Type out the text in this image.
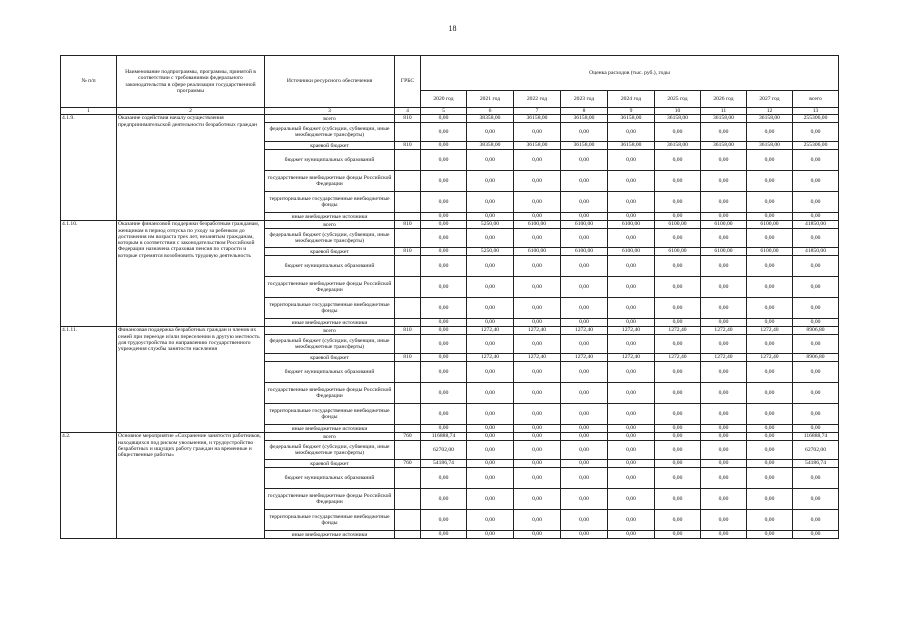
18
№ п/п	Наименование подпрограммы, программы, принятой в соответствии с требованиями федерального законодательства в сфере реализации государственной программы	Источники ресурсного обеспечения	ГРБС	Оценка расходов (тыс. руб.), годы								
				2020 год	2021 год	2022 год	2023 год	2024 год	2025 год	2026 год	2027 год	всего
1	2	3	4	5	6	7	8	9	10	11	12	13
4.1.9.	Оказание содействия началу осуществления предпринимательской деятельности безработных граждан	всего	810	0,00	38358,00	36158,00	36158,00	36158,00	36158,00	36158,00	36158,00	255306,00
		федеральный бюджет (субсидии, субвенции, иные межбюджетные трансферты)		0,00	0,00	0,00	0,00	0,00	0,00	0,00	0,00	0,00
		краевой бюджет	810	0,00	38358,00	36158,00	36158,00	36158,00	36158,00	36158,00	36158,00	255306,00
		бюджет муниципальных образований		0,00	0,00	0,00	0,00	0,00	0,00	0,00	0,00	0,00
		государственные внебюджетные фонды Российской Федерации		0,00	0,00	0,00	0,00	0,00	0,00	0,00	0,00	0,00
		территориальные государственные внебюджетные фонды		0,00	0,00	0,00	0,00	0,00	0,00	0,00	0,00	0,00
		иные внебюджетные источники		0,00	0,00	0,00	0,00	0,00	0,00	0,00	0,00	0,00
4.1.10.	Оказание финансовой поддержки безработным гражданам, женщинам в период отпуска по уходу за ребенком до достижения им возраста трех лет, незанятым гражданам, которым в соответствии с законодательством Российской Федерации назначена страховая пенсия по старости и которые стремятся возобновить трудовую деятельность	всего	810	0,00	5250,00	6100,00	6100,00	6100,00	6100,00	6100,00	6100,00	41850,00
		федеральный бюджет (субсидии, субвенции, иные межбюджетные трансферты)		0,00	0,00	0,00	0,00	0,00	0,00	0,00	0,00	0,00
		краевой бюджет	810	0,00	5250,00	6100,00	6100,00	6100,00	6100,00	6100,00	6100,00	41850,00
		бюджет муниципальных образований		0,00	0,00	0,00	0,00	0,00	0,00	0,00	0,00	0,00
		государственные внебюджетные фонды Российской Федерации		0,00	0,00	0,00	0,00	0,00	0,00	0,00	0,00	0,00
		территориальные государственные внебюджетные фонды		0,00	0,00	0,00	0,00	0,00	0,00	0,00	0,00	0,00
		иные внебюджетные источники		0,00	0,00	0,00	0,00	0,00	0,00	0,00	0,00	0,00
4.1.11.	Финансовая поддержка безработных граждан и членов их семей при переезде и/или переселении в другую местность для трудоустройства по направлению государственного учреждения службы занятости населения	всего	810	0,00	1272,40	1272,40	1272,40	1272,40	1272,40	1272,40	1272,40	8906,80
		федеральный бюджет (субсидии, субвенции, иные межбюджетные трансферты)		0,00	0,00	0,00	0,00	0,00	0,00	0,00	0,00	0,00
		краевой бюджет	810	0,00	1272,40	1272,40	1272,40	1272,40	1272,40	1272,40	1272,40	8906,80
		бюджет муниципальных образований		0,00	0,00	0,00	0,00	0,00	0,00	0,00	0,00	0,00
		государственные внебюджетные фонды Российской Федерации		0,00	0,00	0,00	0,00	0,00	0,00	0,00	0,00	0,00
		территориальные государственные внебюджетные фонды		0,00	0,00	0,00	0,00	0,00	0,00	0,00	0,00	0,00
		иные внебюджетные источники		0,00	0,00	0,00	0,00	0,00	0,00	0,00	0,00	0,00
4.2.	Основное мероприятие «Сохранение занятости работников, находящихся под риском увольнения, и трудоустройство безработных и ищущих работу граждан на временные и общественные работы»	всего	760	116888,74	0,00	0,00	0,00	0,00	0,00	0,00	0,00	116888,74
		федеральный бюджет (субсидии, субвенции, иные межбюджетные трансферты)		62702,00	0,00	0,00	0,00	0,00	0,00	0,00	0,00	62702,00
		краевой бюджет	760	54186,74	0,00	0,00	0,00	0,00	0,00	0,00	0,00	54186,74
		бюджет муниципальных образований		0,00	0,00	0,00	0,00	0,00	0,00	0,00	0,00	0,00
		государственные внебюджетные фонды Российской Федерации		0,00	0,00	0,00	0,00	0,00	0,00	0,00	0,00	0,00
		территориальные государственные внебюджетные фонды		0,00	0,00	0,00	0,00	0,00	0,00	0,00	0,00	0,00
		иные внебюджетные источники		0,00	0,00	0,00	0,00	0,00	0,00	0,00	0,00	0,00
